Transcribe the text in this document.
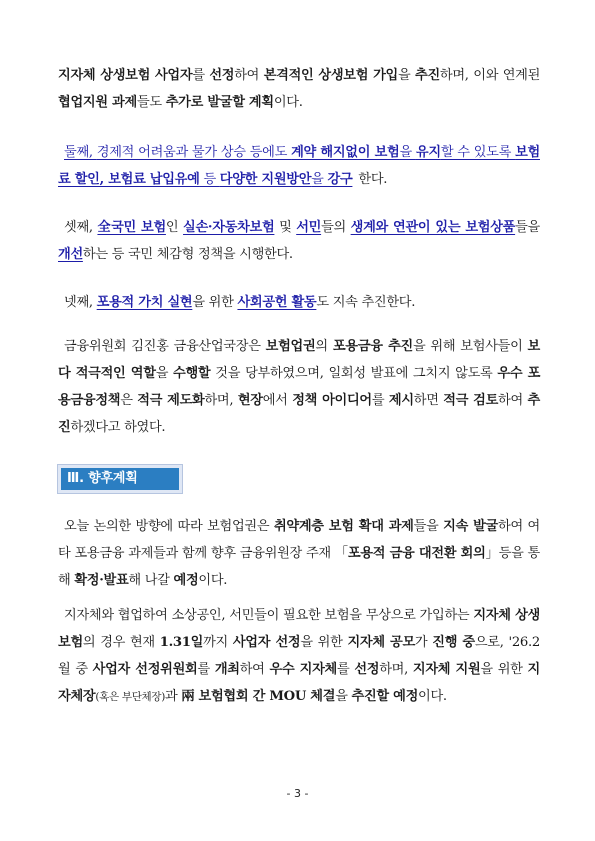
지자체 상생보험 사업자를 선정하여 본격적인 상생보험 가입을 추진하며, 이와 연계된 협업지원 과제들도 추가로 발굴할 계획이다.

둘째, 경제적 어려움과 물가 상승 등에도 계약 해지없이 보험을 유지할 수 있도록 보험료 할인, 보험료 납입유예 등 다양한 지원방안을 강구 한다.

셋째, 全국민 보험인 실손·자동차보험 및 서민들의 생계와 연관이 있는 보험상품들을 개선하는 등 국민 체감형 정책을 시행한다.

넷째, 포용적 가치 실현을 위한 사회공헌 활동도 지속 추진한다.

금융위원회 김진홍 금융산업국장은 보험업권의 포용금융 추진을 위해 보험사들이 보다 적극적인 역할을 수행할 것을 당부하였으며, 일회성 발표에 그치지 않도록 우수 포용금융정책은 적극 제도화하며, 현장에서 정책 아이디어를 제시하면 적극 검토하여 추진하겠다고 하였다.

Ⅲ. 향후계획

오늘 논의한 방향에 따라 보험업권은 취약계층 보험 확대 과제들을 지속 발굴하여 여타 포용금융 과제들과 함께 향후 금융위원장 주재 「포용적 금융 대전환 회의」등을 통해 확정·발표해 나갈 예정이다.

지자체와 협업하여 소상공인, 서민들이 필요한 보험을 무상으로 가입하는 지자체 상생보험의 경우 현재 1.31일까지 사업자 선정을 위한 지자체 공모가 진행 중으로, '26.2월 중 사업자 선정위원회를 개최하여 우수 지자체를 선정하며, 지자체 지원을 위한 지자체장(혹은 부단체장)과 兩 보험협회 간 MOU 체결을 추진할 예정이다.

- 3 -
